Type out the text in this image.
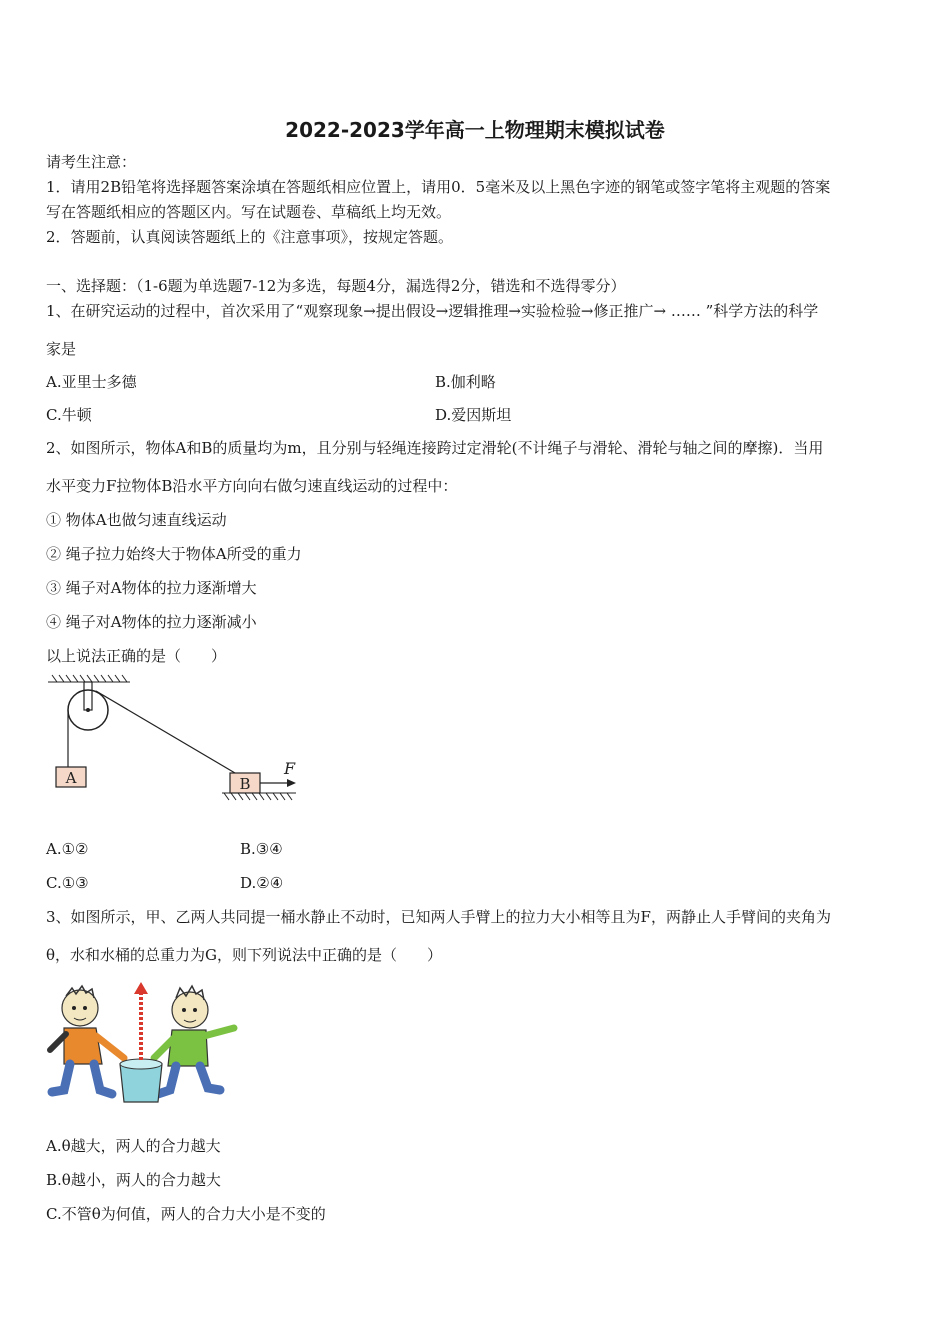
2022-2023学年高一上物理期末模拟试卷
请考生注意：
1．请用2B铅笔将选择题答案涂填在答题纸相应位置上，请用0．5毫米及以上黑色字迹的钢笔或签字笔将主观题的答案
写在答题纸相应的答题区内。写在试题卷、草稿纸上均无效。
2．答题前，认真阅读答题纸上的《注意事项》，按规定答题。
一、选择题：（1-6题为单选题7-12为多选，每题4分，漏选得2分，错选和不选得零分）
1、在研究运动的过程中，首次采用了“观察现象→提出假设→逻辑推理→实验检验→修正推广→ …… ”科学方法的科学
家是
A.亚里士多德	B.伽利略
C.牛顿	D.爱因斯坦
2、如图所示，物体A和B的质量均为m，且分别与轻绳连接跨过定滑轮(不计绳子与滑轮、滑轮与轴之间的摩擦)．当用
水平变力F拉物体B沿水平方向向右做匀速直线运动的过程中：
① 物体A也做匀速直线运动
② 绳子拉力始终大于物体A所受的重力
③ 绳子对A物体的拉力逐渐增大
④ 绳子对A物体的拉力逐渐减小
以上说法正确的是（　　）
A	B
F
A.①②	B.③④
C.①③	D.②④
3、如图所示，甲、乙两人共同提一桶水静止不动时，已知两人手臂上的拉力大小相等且为F，两静止人手臂间的夹角为
θ，水和水桶的总重力为G，则下列说法中正确的是（　　）
A.θ越大，两人的合力越大
B.θ越小，两人的合力越大
C.不管θ为何值，两人的合力大小是不变的
